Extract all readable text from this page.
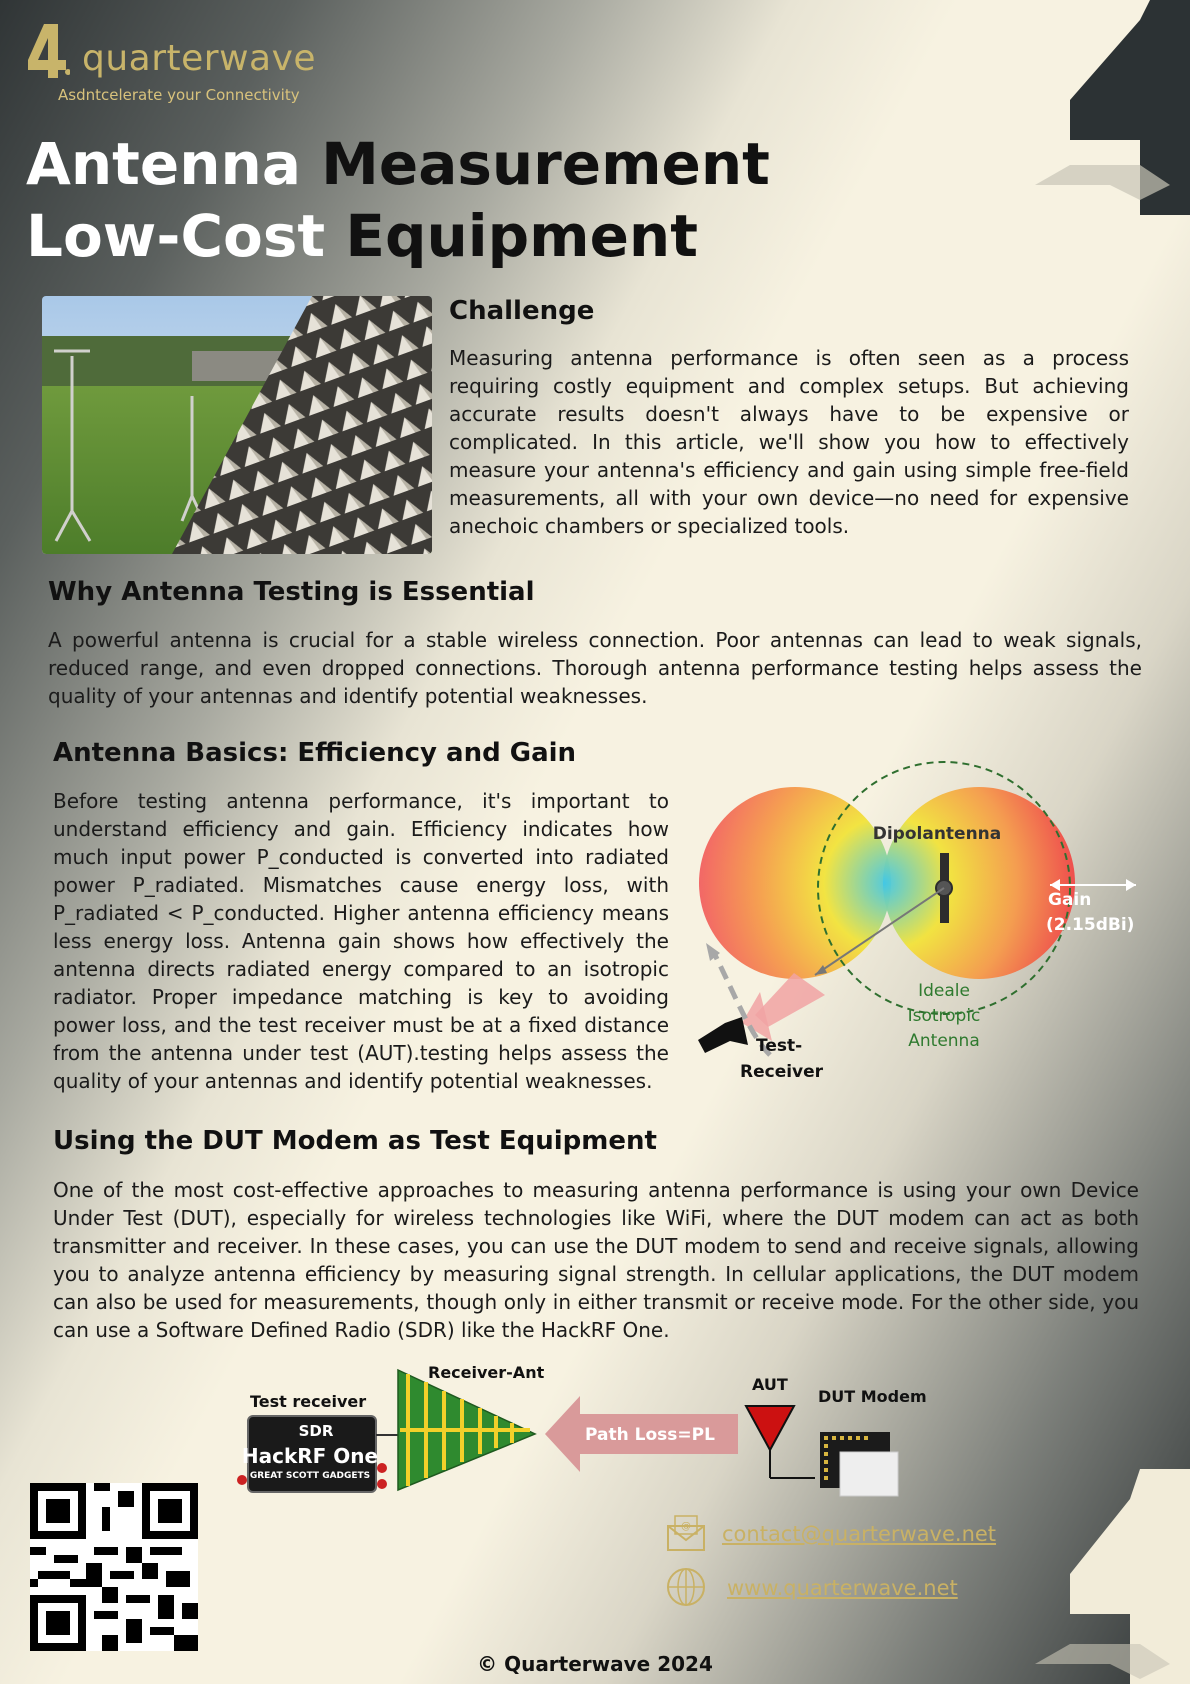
quarterwave
Asdntcelerate your Connectivity
Antenna Measurement
Low-Cost Equipment
Challenge

Measuring antenna performance is often seen as a process requiring costly equipment and complex setups. But achieving accurate results doesn't always have to be expensive or complicated. In this article, we'll show you how to effectively measure your antenna's efficiency and gain using simple free-field measurements, all with your own device—no need for expensive anechoic chambers or specialized tools.

Why Antenna Testing is Essential

A powerful antenna is crucial for a stable wireless connection. Poor antennas can lead to weak signals, reduced range, and even dropped connections. Thorough antenna performance testing helps assess the quality of your antennas and identify potential weaknesses.

Antenna Basics: Efficiency and Gain

Before testing antenna performance, it's important to understand efficiency and gain. Efficiency indicates how much input power P_conducted is converted into radiated power P_radiated. Mismatches cause energy loss, with P_radiated < P_conducted. Higher antenna efficiency means less energy loss. Antenna gain shows how effectively the antenna directs radiated energy compared to an isotropic radiator. Proper impedance matching is key to avoiding power loss, and the test receiver must be at a fixed distance from the antenna under test (AUT).testing helps assess the quality of your antennas and identify potential weaknesses.

Dipolantenna
Gain
(2.15dBi)
Ideale
Isotropic
Antenna
Test-
Receiver
Using the DUT Modem as Test Equipment

One of the most cost-effective approaches to measuring antenna performance is using your own Device Under Test (DUT), especially for wireless technologies like WiFi, where the DUT modem can act as both transmitter and receiver. In these cases, you can use the DUT modem to send and receive signals, allowing you to analyze antenna efficiency by measuring signal strength. In cellular applications, the DUT modem can also be used for measurements, though only in either transmit or receive mode. For the other side, you can use a Software Defined Radio (SDR) like the HackRF One.

Test receiver
SDR
HackRF One
GREAT SCOTT GADGETS
Receiver-Ant
Path Loss=PL
AUT
DUT Modem
@ contact@quarterwave.net
www.quarterwave.net
© Quarterwave 2024
